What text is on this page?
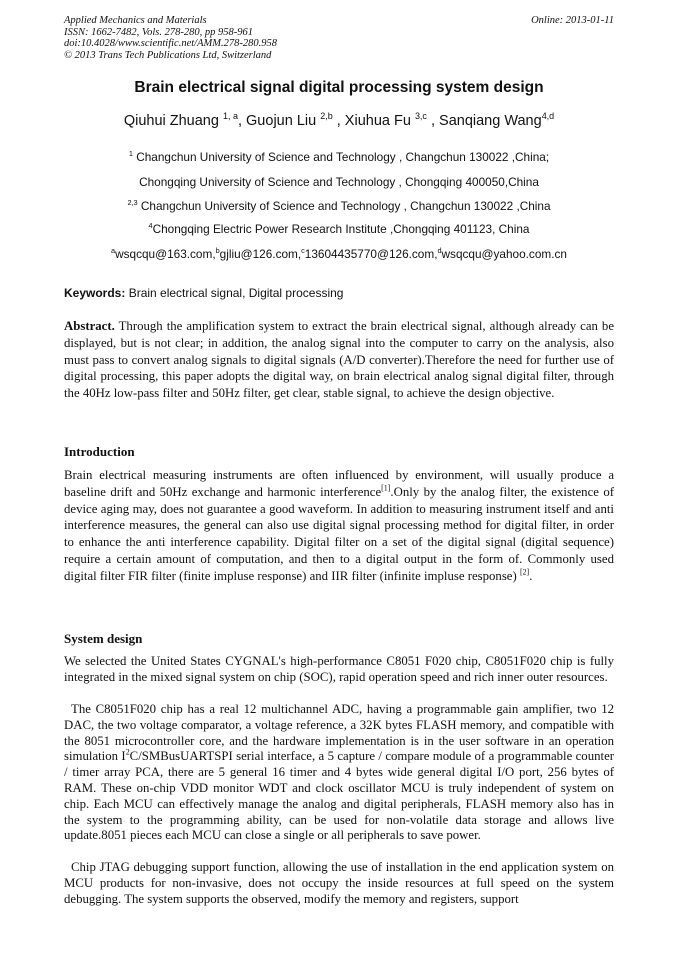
Applied Mechanics and Materials
ISSN: 1662-7482, Vols. 278-280, pp 958-961
doi:10.4028/www.scientific.net/AMM.278-280.958
© 2013 Trans Tech Publications Ltd, Switzerland
Online: 2013-01-11
Brain electrical signal digital processing system design
Qiuhui Zhuang $^{1, a}$, Guojun Liu $^{2,b}$ , Xiuhua Fu $^{3,c}$ , Sanqiang Wang$^{4,d}$
$^1$ Changchun University of Science and Technology , Changchun 130022 ,China;
Chongqing University of Science and Technology , Chongqing 400050,China
$^{2,3}$ Changchun University of Science and Technology , Changchun 130022 ,China
$^4$Chongqing Electric Power Research Institute ,Chongqing 401123, China
$^a$wsqcqu@163.com,$^b$gjliu@126.com,$^c$13604435770@126.com,$^d$wsqcqu@yahoo.com.cn
Keywords: Brain electrical signal, Digital processing
Abstract. Through the amplification system to extract the brain electrical signal, although already can be displayed, but is not clear; in addition, the analog signal into the computer to carry on the analysis, also must pass to convert analog signals to digital signals (A/D converter).Therefore the need for further use of digital processing, this paper adopts the digital way, on brain electrical analog signal digital filter, through the 40Hz low-pass filter and 50Hz filter, get clear, stable signal, to achieve the design objective.
Introduction
Brain electrical measuring instruments are often influenced by environment, will usually produce a baseline drift and 50Hz exchange and harmonic interference[1].Only by the analog filter, the existence of device aging may, does not guarantee a good waveform. In addition to measuring instrument itself and anti interference measures, the general can also use digital signal processing method for digital filter, in order to enhance the anti interference capability. Digital filter on a set of the digital signal (digital sequence) require a certain amount of computation, and then to a digital output in the form of. Commonly used digital filter FIR filter (finite impluse response) and IIR filter (infinite impluse response) [2].
System design
We selected the United States CYGNAL's high-performance C8051 F020 chip, C8051F020 chip is fully integrated in the mixed signal system on chip (SOC), rapid operation speed and rich inner outer resources.
The C8051F020 chip has a real 12 multichannel ADC, having a programmable gain amplifier, two 12 DAC, the two voltage comparator, a voltage reference, a 32K bytes FLASH memory, and compatible with the 8051 microcontroller core, and the hardware implementation is in the user software in an operation simulation $I^2C$/SMBusUARTSPI serial interface, a 5 capture / compare module of a programmable counter / timer array PCA, there are 5 general 16 timer and 4 bytes wide general digital I/O port, 256 bytes of RAM. These on-chip VDD monitor WDT and clock oscillator MCU is truly independent of system on chip. Each MCU can effectively manage the analog and digital peripherals, FLASH memory also has in the system to the programming ability, can be used for non-volatile data storage and allows live update.8051 pieces each MCU can close a single or all peripherals to save power.
Chip JTAG debugging support function, allowing the use of installation in the end application system on MCU products for non-invasive, does not occupy the inside resources at full speed on the system debugging. The system supports the observed, modify the memory and registers, support
